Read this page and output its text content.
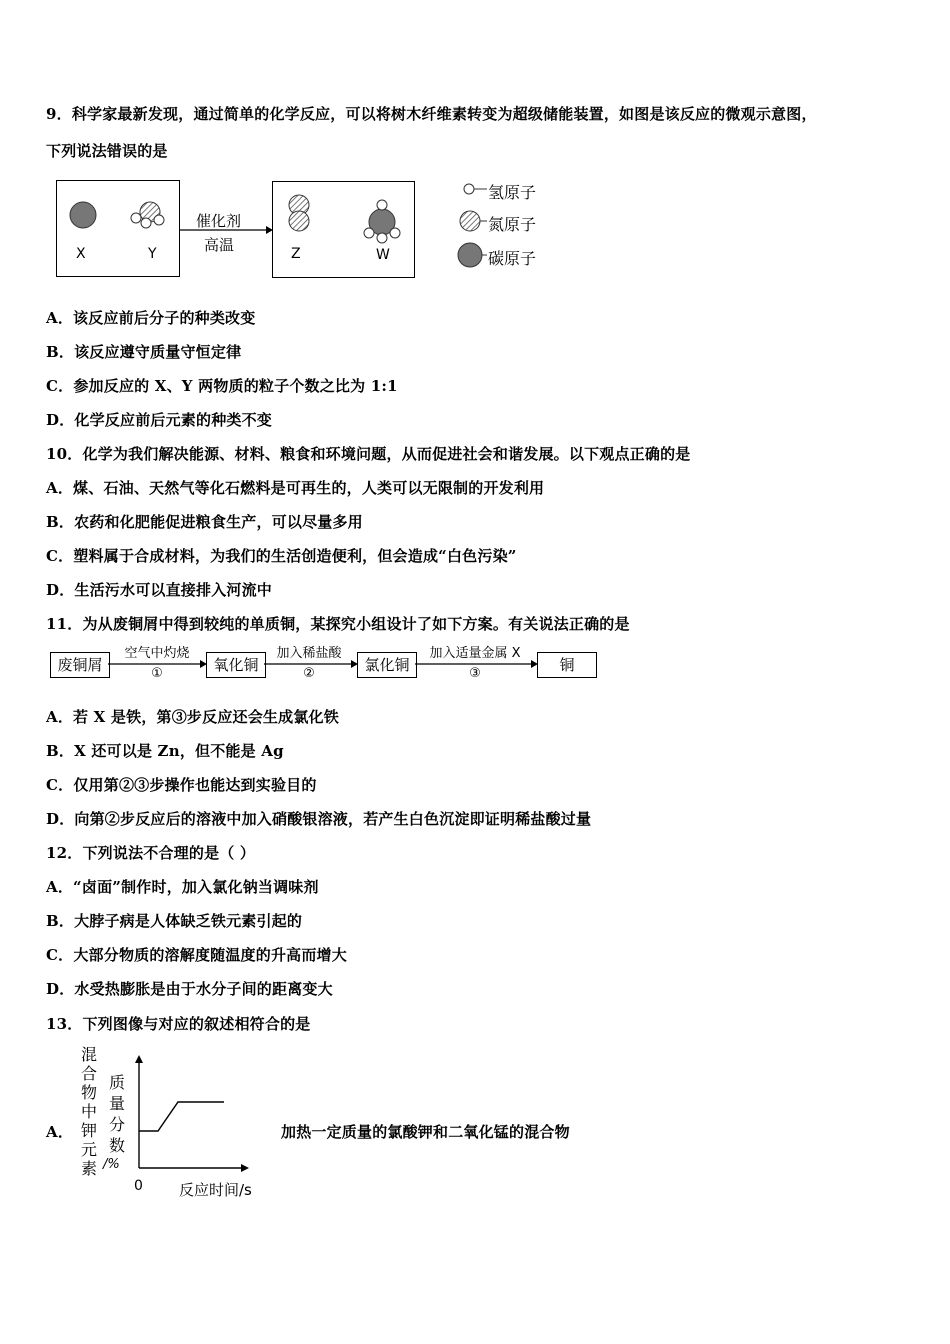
9．科学家最新发现，通过简单的化学反应，可以将树木纤维素转变为超级储能装置，如图是该反应的微观示意图，
下列说法错误的是
X	Y
催化剂
高温	Z	W
氢原子
氮原子
碳原子
A．该反应前后分子的种类改变
B．该反应遵守质量守恒定律
C．参加反应的 X、Y 两物质的粒子个数之比为 1:1
D．化学反应前后元素的种类不变
10．化学为我们解决能源、材料、粮食和环境问题，从而促进社会和谐发展。以下观点正确的是
A．煤、石油、天然气等化石燃料是可再生的，人类可以无限制的开发利用
B．农药和化肥能促进粮食生产，可以尽量多用
C．塑料属于合成材料，为我们的生活创造便利，但会造成“白色污染”
D．生活污水可以直接排入河流中
11．为从废铜屑中得到较纯的单质铜，某探究小组设计了如下方案。有关说法正确的是
废铜屑	氧化铜	氯化铜	铜
空气中灼烧
①
加入稀盐酸
②
加入适量金属 X
③
A．若 X 是铁，第③步反应还会生成氯化铁
B．X 还可以是 Zn，但不能是 Ag
C．仅用第②③步操作也能达到实验目的
D．向第②步反应后的溶液中加入硝酸银溶液，若产生白色沉淀即证明稀盐酸过量
12．下列说法不合理的是（ ）
A．“卤面”制作时，加入氯化钠当调味剂
B．大脖子病是人体缺乏铁元素引起的
C．大部分物质的溶解度随温度的升高而增大
D．水受热膨胀是由于水分子间的距离变大
13．下列图像与对应的叙述相符合的是
A．	加热一定质量的氯酸钾和二氧化锰的混合物
混
合
物
中
钾
元
素
质
量
分
数
/%
0 反应时间/s
